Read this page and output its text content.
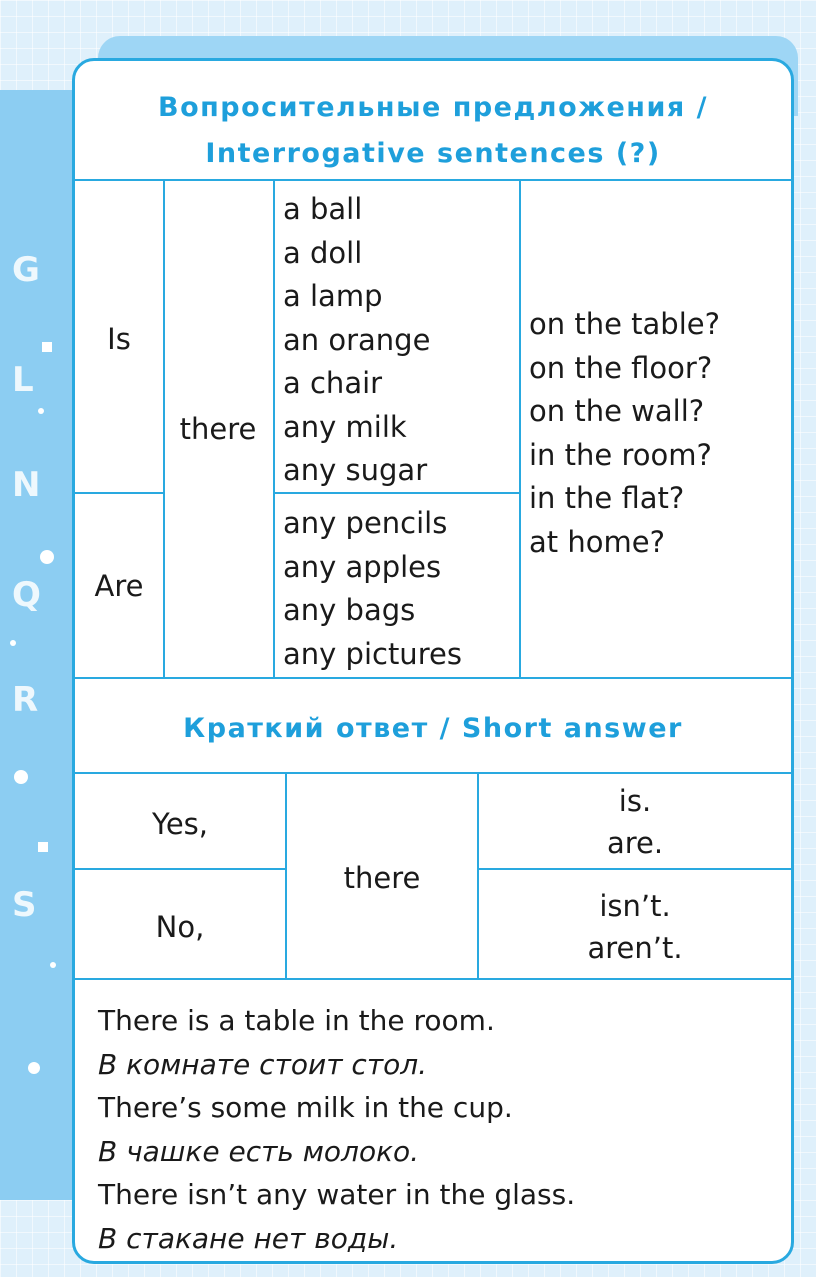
G
L
N
Q
R
S
Вопросительные предложения /
Interrogative sentences (?)
Is
Are
there
a ball
a doll
a lamp
an orange
a chair
any milk
any sugar
any pencils
any apples
any bags
any pictures
on the table?
on the floor?
on the wall?
in the room?
in the flat?
at home?
Краткий ответ / Short answer
Yes,
No,
there
is.
are.
isn’t.
aren’t.
There is a table in the room.
В комнате стоит стол.
There’s some milk in the cup.
В чашке есть молоко.
There isn’t any water in the glass.
В стакане нет воды.
